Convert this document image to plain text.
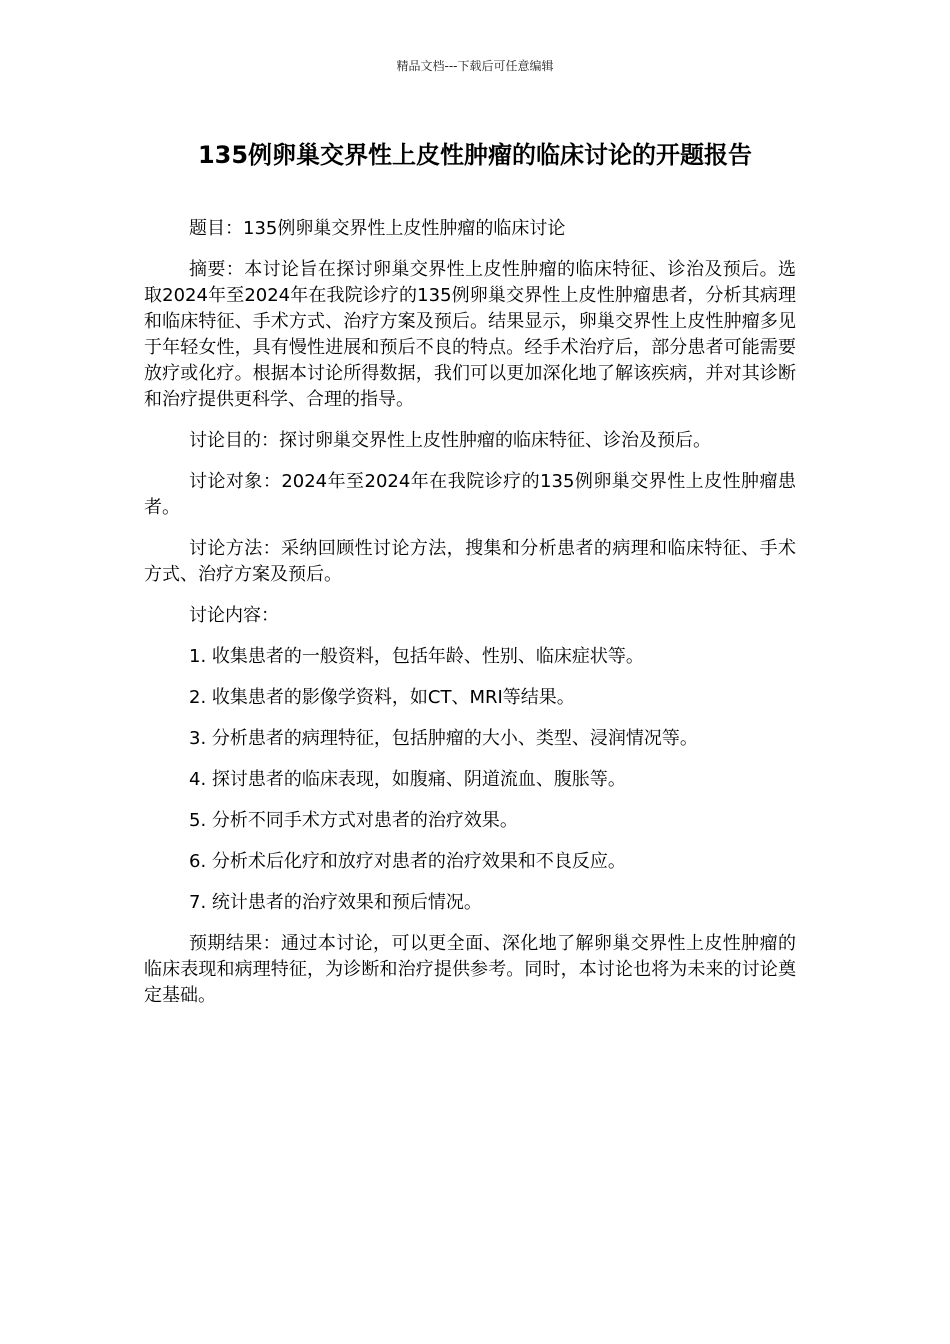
精品文档---下载后可任意编辑
135例卵巢交界性上皮性肿瘤的临床讨论的开题报告

题目：135例卵巢交界性上皮性肿瘤的临床讨论

摘要：本讨论旨在探讨卵巢交界性上皮性肿瘤的临床特征、诊治及预后。选取2024年至2024年在我院诊疗的135例卵巢交界性上皮性肿瘤患者，分析其病理和临床特征、手术方式、治疗方案及预后。结果显示，卵巢交界性上皮性肿瘤多见于年轻女性，具有慢性进展和预后不良的特点。经手术治疗后，部分患者可能需要放疗或化疗。根据本讨论所得数据，我们可以更加深化地了解该疾病，并对其诊断和治疗提供更科学、合理的指导。

讨论目的：探讨卵巢交界性上皮性肿瘤的临床特征、诊治及预后。

讨论对象：2024年至2024年在我院诊疗的135例卵巢交界性上皮性肿瘤患者。

讨论方法：采纳回顾性讨论方法，搜集和分析患者的病理和临床特征、手术方式、治疗方案及预后。

讨论内容：

1. 收集患者的一般资料，包括年龄、性别、临床症状等。

2. 收集患者的影像学资料，如CT、MRI等结果。

3. 分析患者的病理特征，包括肿瘤的大小、类型、浸润情况等。

4. 探讨患者的临床表现，如腹痛、阴道流血、腹胀等。

5. 分析不同手术方式对患者的治疗效果。

6. 分析术后化疗和放疗对患者的治疗效果和不良反应。

7. 统计患者的治疗效果和预后情况。

预期结果：通过本讨论，可以更全面、深化地了解卵巢交界性上皮性肿瘤的临床表现和病理特征，为诊断和治疗提供参考。同时，本讨论也将为未来的讨论奠定基础。
